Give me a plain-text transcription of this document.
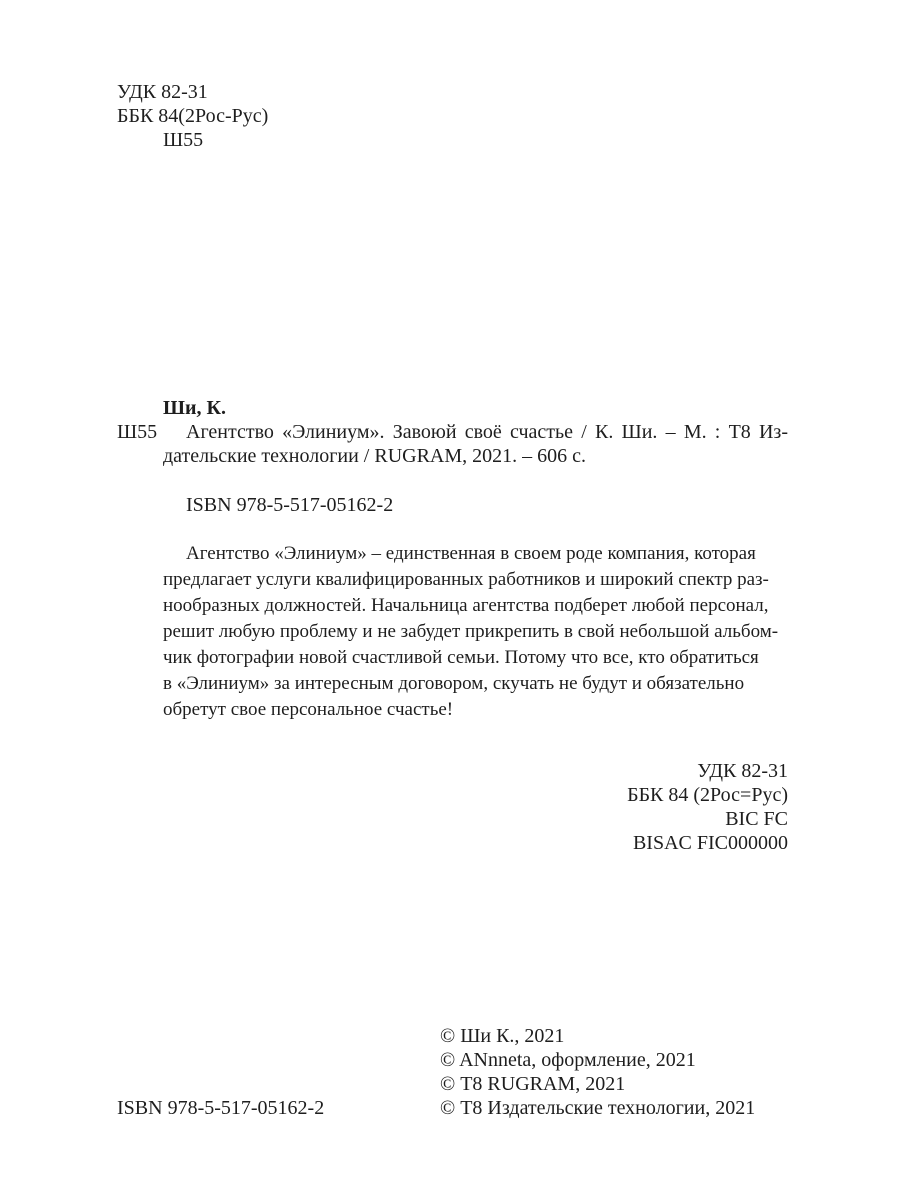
УДК 82-31
ББК 84(2Рос-Рус)
Ш55
Ши, К.
Ш55 Агентство «Элиниум». Завоюй своё счастье / К. Ши. – М. : Т8 Из-
дательские технологии / RUGRAM, 2021. – 606 с.
ISBN 978-5-517-05162-2

Агентство «Элиниум» – единственная в своем роде компания, которая

предлагает услуги квалифицированных работников и широкий спектр раз-

нообразных должностей. Начальница агентства подберет любой персонал,

решит любую проблему и не забудет прикрепить в свой небольшой альбом-

чик фотографии новой счастливой семьи. Потому что все, кто обратиться

в «Элиниум» за интересным договором, скучать не будут и обязательно

обретут свое персональное счастье!

УДК 82-31
ББК 84 (2Рос=Рус)
BIC FC
BISAC FIC000000
© Ши К., 2021
© ANnneta, оформление, 2021
© Т8 RUGRAM, 2021
© Т8 Издательские технологии, 2021
ISBN 978-5-517-05162-2
